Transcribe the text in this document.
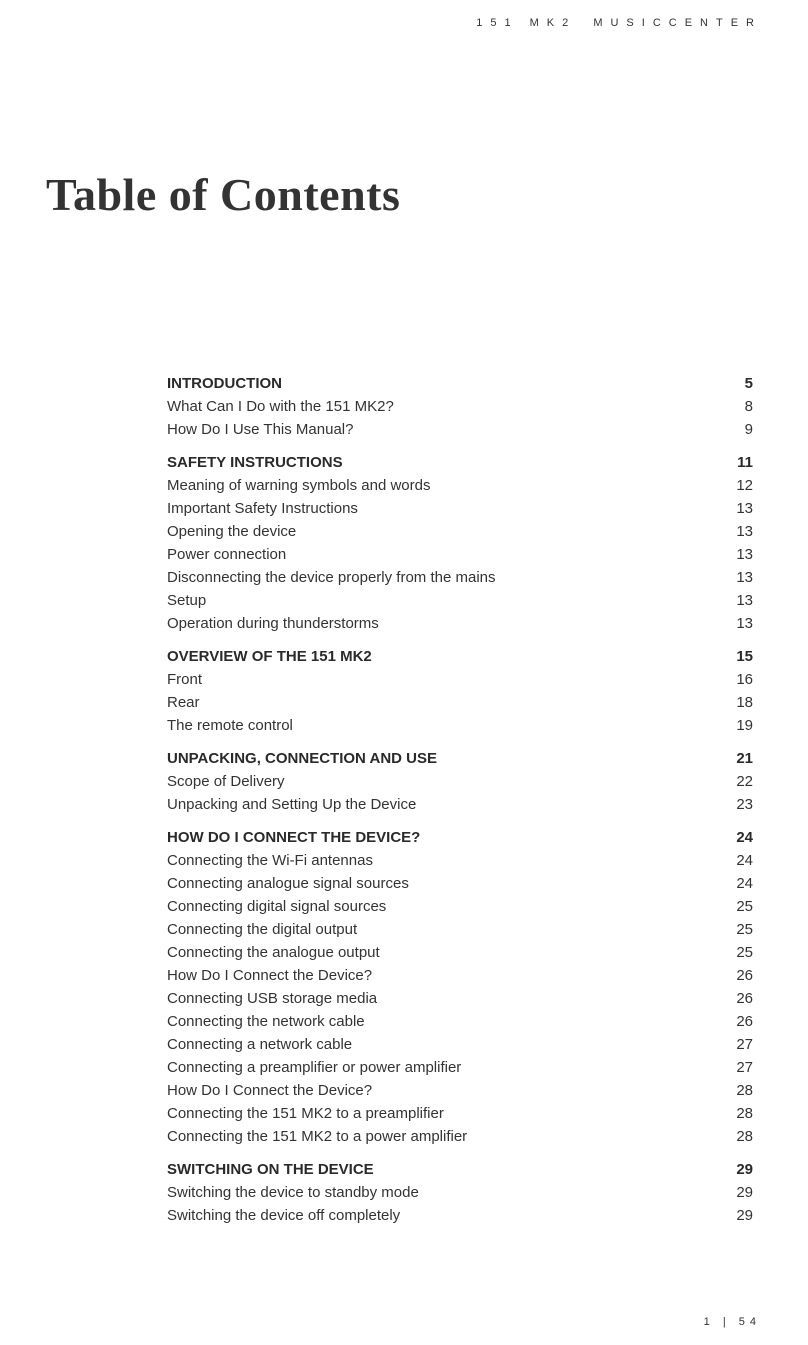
151 MK2 MUSICCENTER
Table of Contents
INTRODUCTION	5
What Can I Do with the 151 MK2?	8
How Do I Use This Manual?	9
SAFETY INSTRUCTIONS	11
Meaning of warning symbols and words	12
Important Safety Instructions	13
Opening the device	13
Power connection	13
Disconnecting the device properly from the mains	13
Setup	13
Operation during thunderstorms	13
OVERVIEW OF THE 151 MK2	15
Front	16
Rear	18
The remote control	19
UNPACKING, CONNECTION AND USE	21
Scope of Delivery	22
Unpacking and Setting Up the Device	23
HOW DO I CONNECT THE DEVICE?	24
Connecting the Wi-Fi antennas	24
Connecting analogue signal sources	24
Connecting digital signal sources	25
Connecting the digital output	25
Connecting the analogue output	25
How Do I Connect the Device?	26
Connecting USB storage media	26
Connecting the network cable	26
Connecting a network cable	27
Connecting a preamplifier or power amplifier	27
How Do I Connect the Device?	28
Connecting the 151 MK2 to a preamplifier	28
Connecting the 151 MK2 to a power amplifier	28
SWITCHING ON THE DEVICE	29
Switching the device to standby mode	29
Switching the device off completely	29
1 | 54
